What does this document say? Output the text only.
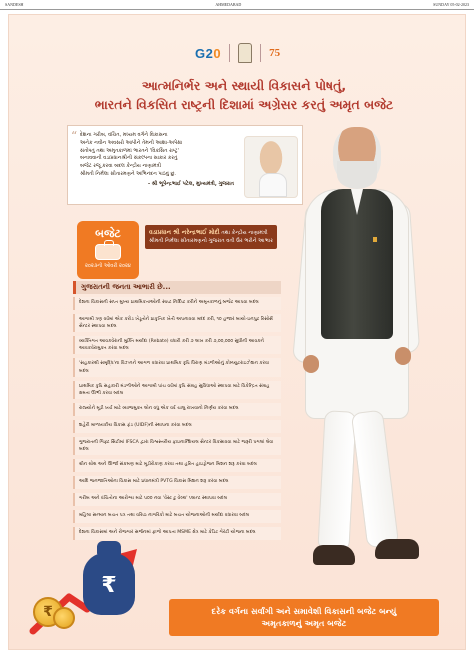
SANDESH	AHMEDABAD	SUNDAY 05-02-2023
G20	75
આત્મનિર્ભર અને સ્થાયી વિકાસને પોષતું,
ભારતને વિકસિત રાષ્ટ્રની દિશામાં અગ્રેસર કરતું અમૃત બજેટ
“ દેશના ગરીબ, વંચિત, મધ્યમ વર્ગને વિકાસના
અનેક નવીન અવસરો આપીને તેમની આશા-અપેક્ષા
સંતોષતું તથા અમૃતકાળમાં ભારતને 'વિકસિત રાષ્ટ્ર'
બનાવવાની વડાપ્રધાનશ્રીની સંકલ્પના સાકાર કરતું
બજેટ રજૂ કરવા બદલ કેન્દ્રીય નાણામંત્રી
શ્રીમતી નિર્મલા સીતારમણને અભિનંદન પાઠવું છું.
- શ્રી ભૂપેન્દ્રભાઈ પટેલ, મુખ્યમંત્રી, ગુજરાત
બજેટ
૨૦૨૩ની ઓવરી ૨૦૨૪
વડાપ્રધાન શ્રી નરેન્દ્રભાઈ મોદી તથા કેન્દ્રીય નાણામંત્રી શ્રીમતી નિર્મલા સીતારમણનો ગુજરાત વતી ઉર ભરીને આભાર
ગુજરાતની જનતા આભારી છે...
દેશના વિકાસની સપ્ત મુખ્ય પ્રાથમિકતાઓની સ્પષ્ટ નિર્દિષ્ટ કરીને અમૃતકાળનું બજેટ આપવા બદલ
આગામી ત્રણ વર્ષમાં એક કરોડ ખેડૂતોને પ્રાકૃતિક ખેતી અપનાવવા મદદ કરી, ૧૦ હજાર બાયો-ઇનપુટ રિસોર્સ સેન્ટર સ્થાપવા બદલ
વ્યક્તિગત આવકવેરાની મુક્તિ મર્યાદા (Rebate) વધારી કરી ૭ લાખ કરી ૭,૦૦,૦૦૦ સુધીની આવકને આવકવેરામુક્ત કરવા બદલ
'સહકારથી સમૃદ્ધિ'ના વિઝનને આગળ વધારવા પ્રાથમિક કૃષિ ધિરાણ મંડળીઓનું કોમ્પ્યુટરાઇઝેશન કરવા બદલ
પ્રાથમિક કૃષિ સહકારી મંડળીઓને આગામી પાંચ વર્ષમાં કૃષિ સંગ્રહ સુવિધાઓ સ્થાપવા માટે વિકેન્દ્રિત સંગ્રહ ક્ષમતા ઊભી કરવા બદલ
રાજ્યોને મૂડી ખર્ચ માટે વ્યાજમુક્ત લોન વધુ એક વર્ષ ચાલુ રાખવાનો નિર્ણય કરવા બદલ
શહેરી માળખાકીય વિકાસ ફંડ (UIDF)ની સ્થાપના કરવા બદલ
ગુજરાતની ગિફ્ટ સિટીમાં IFSCA દ્વારા વિશ્વસ્તરીય ફાઇનાન્શિયલ સેન્ટર વિકસાવવા માટે જરૂરી પગલાં લેવા બદલ
ગ્રીન ગ્રોથ અને ઊર્જા સંક્રમણ માટે મૂડીરોકાણ કરવા તથા હરિત હાઇડ્રોજન મિશન શરૂ કરવા બદલ
આદિ જનજાતિઓના વિકાસ માટે પ્રધાનમંત્રી PVTG વિકાસ મિશન શરૂ કરવા બદલ
ગરીબ અને વંચિતોના આરોગ્ય માટે ૫૦૦ નવા 'વેસ્ટ ટુ વેલ્થ' પ્લાન્ટ સ્થાપવા બદલ
મહિલા સન્માન બચત પત્ર તથા વરિષ્ઠ નાગરિકો માટે બચત યોજનાઓની મર્યાદા વધારવા બદલ
દેશના વિકાસમાં અને રોજગાર સર્જનમાં ફાળો આપતા MSME ક્ષેત્ર માટે ક્રેડિટ ગેરંટી યોજના બદલ
₹
₹
દરેક વર્ગના સર્વાંગી અને સમાવેશી વિકાસની બજેટ બન્યું
અમૃતકાળનું અમૃત બજેટ
